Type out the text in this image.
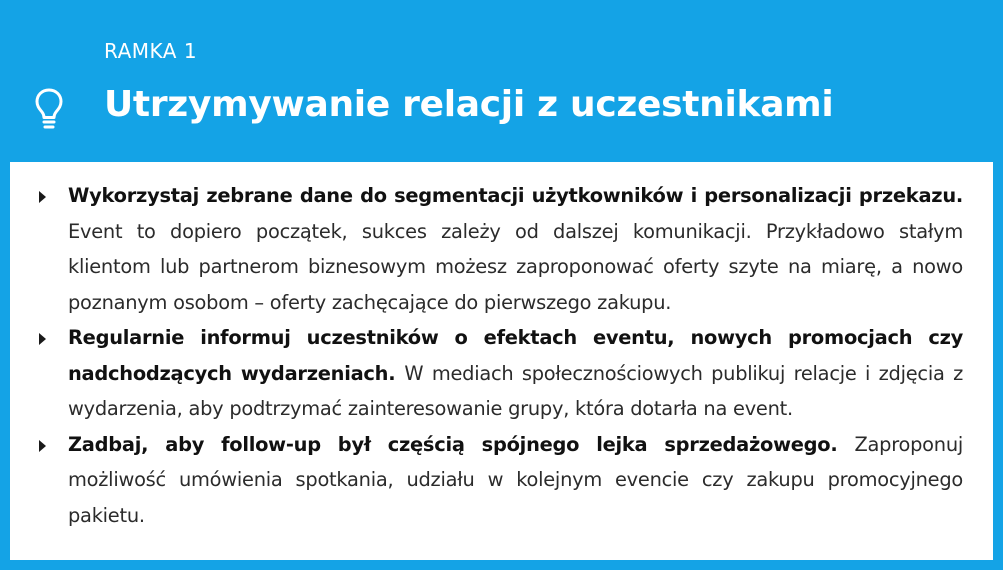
RAMKA 1
Utrzymywanie relacji z uczestnikami
Wykorzystaj zebrane dane do segmentacji użytkowników i personalizacji przekazu. Event to dopiero początek, sukces zależy od dalszej komunikacji. Przykładowo stałym klientom lub partnerom biznesowym możesz zaproponować oferty szyte na miarę, a nowo poznanym osobom – oferty zachęcające do pierwszego zakupu.
Regularnie informuj uczestników o efektach eventu, nowych promocjach czy nadchodzących wydarzeniach. W mediach społecznościowych publikuj relacje i zdjęcia z wydarzenia, aby podtrzymać zainteresowanie grupy, która dotarła na event.
Zadbaj, aby follow-up był częścią spójnego lejka sprzedażowego. Zaproponuj możliwość umówienia spotkania, udziału w kolejnym evencie czy zakupu promocyjnego pakietu.
